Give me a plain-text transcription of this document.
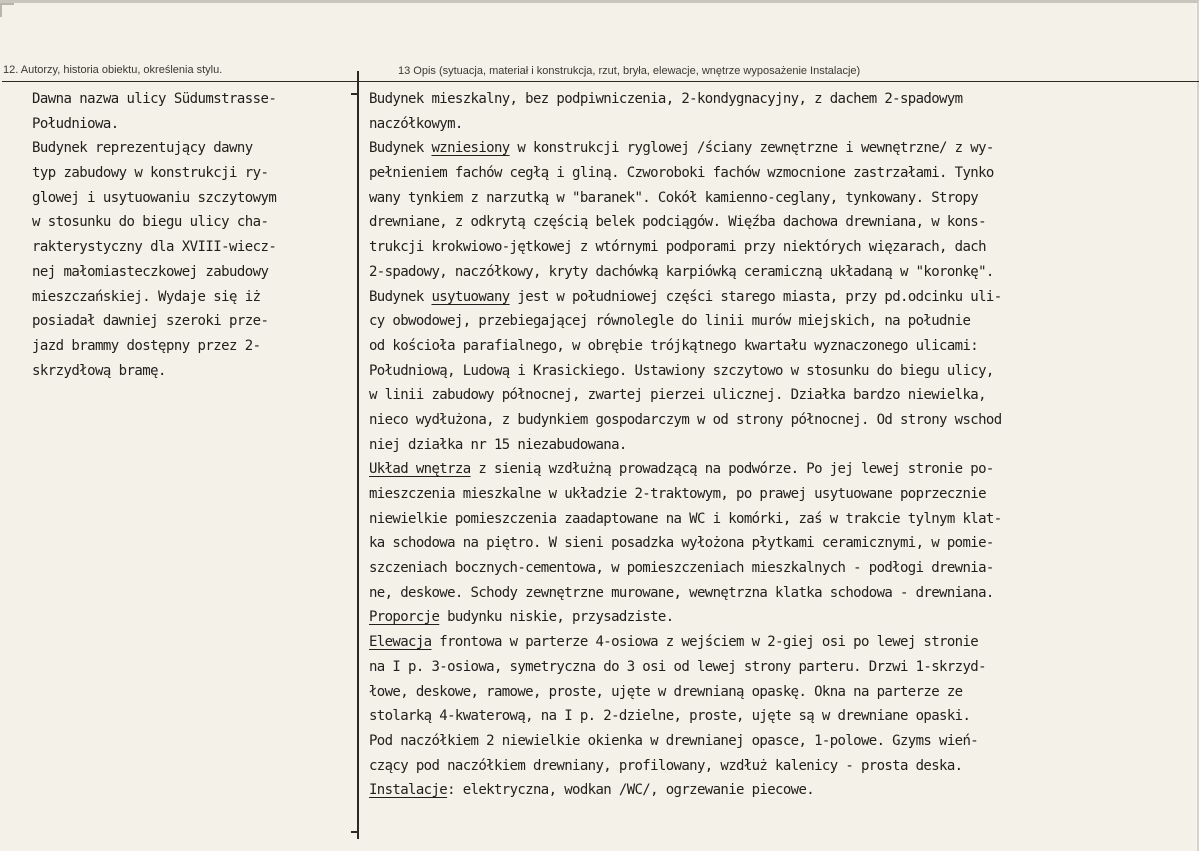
12. Autorzy, historia obiektu, określenia stylu.	13 Opis (sytuacja, materiał i konstrukcja, rzut, bryła, elewacje, wnętrze wyposażenie Instalacje)
Dawna nazwa ulicy Südumstrasse-
Południowa.
Budynek reprezentujący dawny
typ zabudowy w konstrukcji ry-
glowej i usytuowaniu szczytowym
w stosunku do biegu ulicy cha-
rakterystyczny dla XVIII-wiecz-
nej małomiasteczkowej zabudowy
mieszczańskiej. Wydaje się iż
posiadał dawniej szeroki prze-
jazd brammy dostępny przez 2-
skrzydłową bramę.
Budynek mieszkalny, bez podpiwniczenia, 2-kondygnacyjny, z dachem 2-spadowym
naczółkowym.
Budynek wzniesiony w konstrukcji ryglowej /ściany zewnętrzne i wewnętrzne/ z wy-
pełnieniem fachów cegłą i gliną. Czworoboki fachów wzmocnione zastrzałami. Tynko
wany tynkiem z narzutką w "baranek". Cokół kamienno-ceglany, tynkowany. Stropy
drewniane, z odkrytą częścią belek podciągów. Więźba dachowa drewniana, w kons-
trukcji krokwiowo-jętkowej z wtórnymi podporami przy niektórych więzarach, dach
2-spadowy, naczółkowy, kryty dachówką karpiówką ceramiczną układaną w "koronkę".
Budynek usytuowany jest w południowej części starego miasta, przy pd.odcinku uli-
cy obwodowej, przebiegającej równolegle do linii murów miejskich, na południe
od kościoła parafialnego, w obrębie trójkątnego kwartału wyznaczonego ulicami:
Południową, Ludową i Krasickiego. Ustawiony szczytowo w stosunku do biegu ulicy,
w linii zabudowy północnej, zwartej pierzei ulicznej. Działka bardzo niewielka,
nieco wydłużona, z budynkiem gospodarczym w od strony północnej. Od strony wschod
niej działka nr 15 niezabudowana.
Układ wnętrza z sienią wzdłużną prowadzącą na podwórze. Po jej lewej stronie po-
mieszczenia mieszkalne w układzie 2-traktowym, po prawej usytuowane poprzecznie
niewielkie pomieszczenia zaadaptowane na WC i komórki, zaś w trakcie tylnym klat-
ka schodowa na piętro. W sieni posadzka wyłożona płytkami ceramicznymi, w pomie-
szczeniach bocznych-cementowa, w pomieszczeniach mieszkalnych - podłogi drewnia-
ne, deskowe. Schody zewnętrzne murowane, wewnętrzna klatka schodowa - drewniana.
Proporcje budynku niskie, przysadziste.
Elewacja frontowa w parterze 4-osiowa z wejściem w 2-giej osi po lewej stronie
na I p. 3-osiowa, symetryczna do 3 osi od lewej strony parteru. Drzwi 1-skrzyd-
łowe, deskowe, ramowe, proste, ujęte w drewnianą opaskę. Okna na parterze ze
stolarką 4-kwaterową, na I p. 2-dzielne, proste, ujęte są w drewniane opaski.
Pod naczółkiem 2 niewielkie okienka w drewnianej opasce, 1-polowe. Gzyms wień-
czący pod naczółkiem drewniany, profilowany, wzdłuż kalenicy - prosta deska.
Instalacje: elektryczna, wodkan /WC/, ogrzewanie piecowe.
